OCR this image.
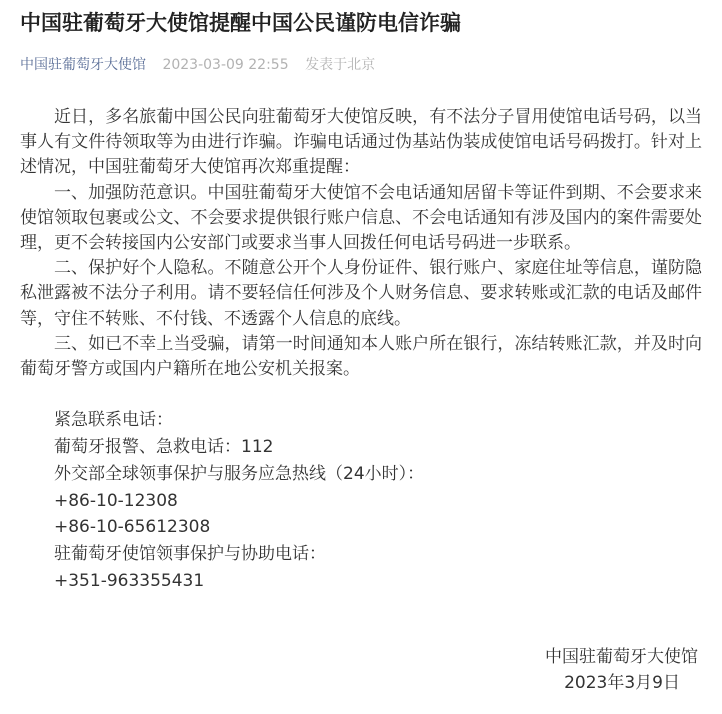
中国驻葡萄牙大使馆提醒中国公民谨防电信诈骗
中国驻葡萄牙大使馆 2023-03-09 22:55 发表于北京

近日，多名旅葡中国公民向驻葡萄牙大使馆反映，有不法分子冒用使馆电话号码，以当事人有文件待领取等为由进行诈骗。诈骗电话通过伪基站伪装成使馆电话号码拨打。针对上述情况，中国驻葡萄牙大使馆再次郑重提醒：

一、加强防范意识。中国驻葡萄牙大使馆不会电话通知居留卡等证件到期、不会要求来使馆领取包裹或公文、不会要求提供银行账户信息、不会电话通知有涉及国内的案件需要处理，更不会转接国内公安部门或要求当事人回拨任何电话号码进一步联系。

二、保护好个人隐私。不随意公开个人身份证件、银行账户、家庭住址等信息，谨防隐私泄露被不法分子利用。请不要轻信任何涉及个人财务信息、要求转账或汇款的电话及邮件等，守住不转账、不付钱、不透露个人信息的底线。

三、如已不幸上当受骗，请第一时间通知本人账户所在银行，冻结转账汇款，并及时向葡萄牙警方或国内户籍所在地公安机关报案。

紧急联系电话：

葡萄牙报警、急救电话：112

外交部全球领事保护与服务应急热线（24小时）：

+86-10-12308

+86-10-65612308

驻葡萄牙使馆领事保护与协助电话：

+351-963355431

中国驻葡萄牙大使馆

2023年3月9日
